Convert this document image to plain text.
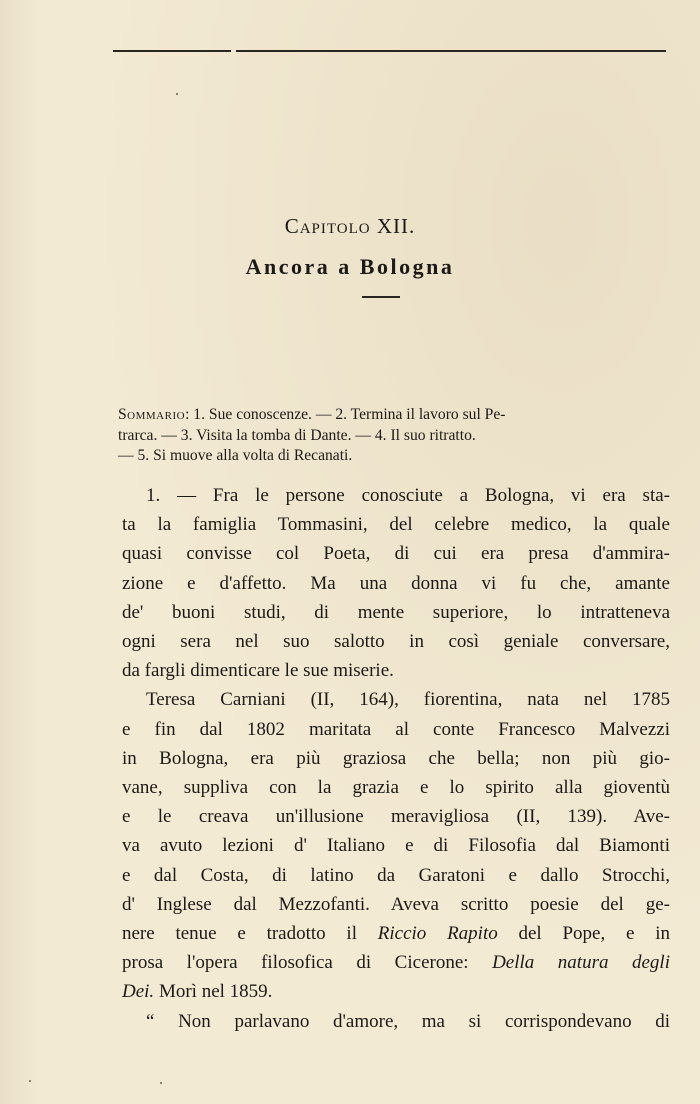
Capitolo XII.
Ancora a Bologna
Sommario: 1. Sue conoscenze. — 2. Termina il lavoro sul Pe-
trarca. — 3. Visita la tomba di Dante. — 4. Il suo ritratto.
— 5. Si muove alla volta di Recanati.
1. — Fra le persone conosciute a Bologna, vi era sta-
ta la famiglia Tommasini, del celebre medico, la quale
quasi convisse col Poeta, di cui era presa d'ammira-
zione e d'affetto. Ma una donna vi fu che, amante
de' buoni studi, di mente superiore, lo intratteneva
ogni sera nel suo salotto in così geniale conversare,
da fargli dimenticare le sue miserie.
Teresa Carniani (II, 164), fiorentina, nata nel 1785
e fin dal 1802 maritata al conte Francesco Malvezzi
in Bologna, era più graziosa che bella; non più gio-
vane, suppliva con la grazia e lo spirito alla gioventù
e le creava un'illusione meravigliosa (II, 139). Ave-
va avuto lezioni d' Italiano e di Filosofia dal Biamonti
e dal Costa, di latino da Garatoni e dallo Strocchi,
d' Inglese dal Mezzofanti. Aveva scritto poesie del ge-
nere tenue e tradotto il Riccio Rapito del Pope, e in
prosa l'opera filosofica di Cicerone: Della natura degli
Dei. Morì nel 1859.
“ Non parlavano d'amore, ma si corrispondevano di
